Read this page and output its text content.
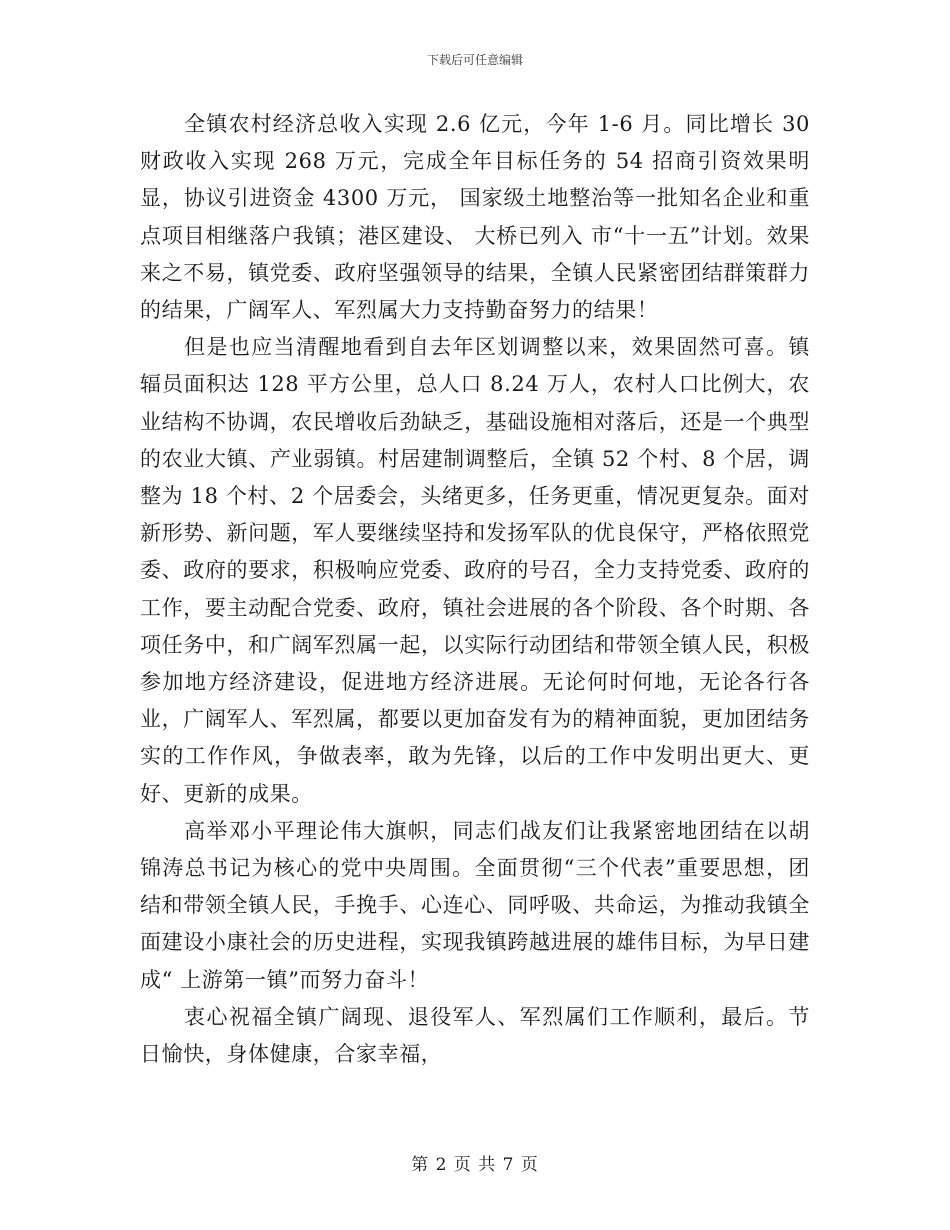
下载后可任意编辑

全镇农村经济总收入实现 2.6 亿元，今年 1-6 月。同比增长 30 财政收入实现 268 万元，完成全年目标任务的 54 招商引资效果明显，协议引进资金 4300 万元， 国家级土地整治等一批知名企业和重点项目相继落户我镇；港区建设、 大桥已列入 市“十一五”计划。效果来之不易，镇党委、政府坚强领导的结果，全镇人民紧密团结群策群力的结果，广阔军人、军烈属大力支持勤奋努力的结果！

但是也应当清醒地看到自去年区划调整以来，效果固然可喜。镇辐员面积达 128 平方公里，总人口 8.24 万人，农村人口比例大，农业结构不协调，农民增收后劲缺乏，基础设施相对落后，还是一个典型的农业大镇、产业弱镇。村居建制调整后，全镇 52 个村、8 个居，调整为 18 个村、2 个居委会，头绪更多，任务更重，情况更复杂。面对新形势、新问题，军人要继续坚持和发扬军队的优良保守，严格依照党委、政府的要求，积极响应党委、政府的号召，全力支持党委、政府的工作，要主动配合党委、政府，镇社会进展的各个阶段、各个时期、各项任务中，和广阔军烈属一起，以实际行动团结和带领全镇人民，积极参加地方经济建设，促进地方经济进展。无论何时何地，无论各行各业，广阔军人、军烈属，都要以更加奋发有为的精神面貌，更加团结务实的工作作风，争做表率，敢为先锋，以后的工作中发明出更大、更好、更新的成果。

高举邓小平理论伟大旗帜，同志们战友们让我紧密地团结在以胡锦涛总书记为核心的党中央周围。全面贯彻“三个代表”重要思想，团结和带领全镇人民，手挽手、心连心、同呼吸、共命运，为推动我镇全面建设小康社会的历史进程，实现我镇跨越进展的雄伟目标，为早日建成“ 上游第一镇”而努力奋斗！

衷心祝福全镇广阔现、退役军人、军烈属们工作顺利，最后。节日愉快，身体健康，合家幸福，

第 2 页 共 7 页
